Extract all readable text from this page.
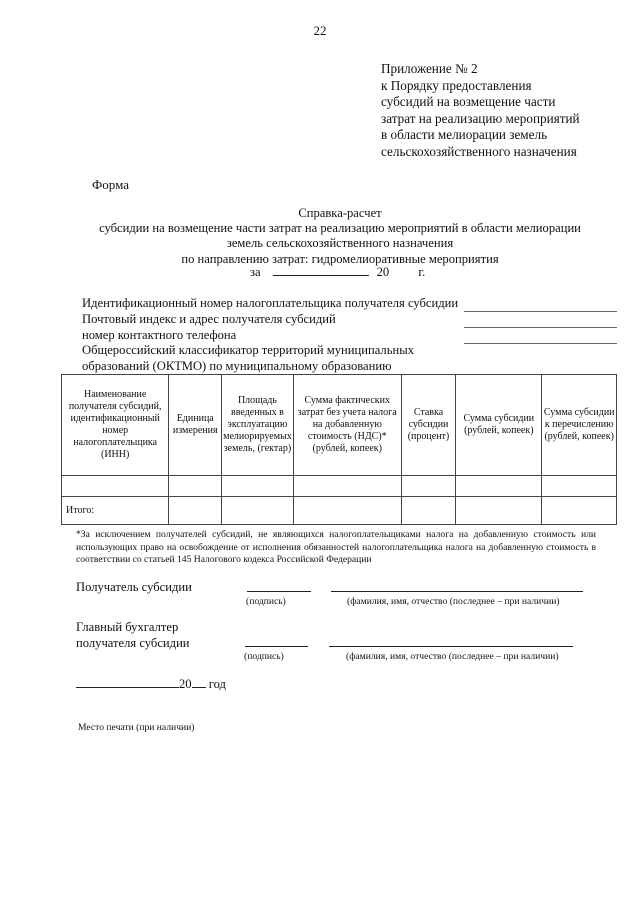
22
Приложение № 2
к Порядку предоставления
субсидий на возмещение части
затрат на реализацию мероприятий
в области мелиорации земель
сельскохозяйственного назначения
Форма
Справка-расчет
субсидии на возмещение части затрат на реализацию мероприятий в области мелиорации
земель сельскохозяйственного назначения
по направлению затрат: гидромелиоративные мероприятия
за	20 г.
Идентификационный номер налогоплательщика получателя субсидии
Почтовый индекс и адрес получателя субсидий
номер контактного телефона
Общероссийский классификатор территорий муниципальных
образований (ОКТМО) по муниципальному образованию
Наименование получателя субсидий, идентификационный номер налогоплательщика (ИНН)	Единица измерения	Площадь введенных в эксплуатацию мелиорируемых земель, (гектар)	Сумма фактических затрат без учета налога на добавленную стоимость (НДС)* (рублей, копеек)	Ставка субсидии (процент)	Сумма субсидии (рублей, копеек)	Сумма субсидии к перечислению (рублей, копеек)

Итого:						

*За исключением получателей субсидий, не являющихся налогоплательщиками налога на добавленную стоимость или использующих право на освобождение от исполнения обязанностей налогоплательщика налога на добавленную стоимость в соответствии со статьей 145 Налогового кодекса Российской Федерации

Получатель субсидии
(подпись)	(фамилия, имя, отчество (последнее – при наличии)
Главный бухгалтер
получателя субсидии
(подпись)	(фамилия, имя, отчество (последнее – при наличии)
20 год
Место печати (при наличии)
